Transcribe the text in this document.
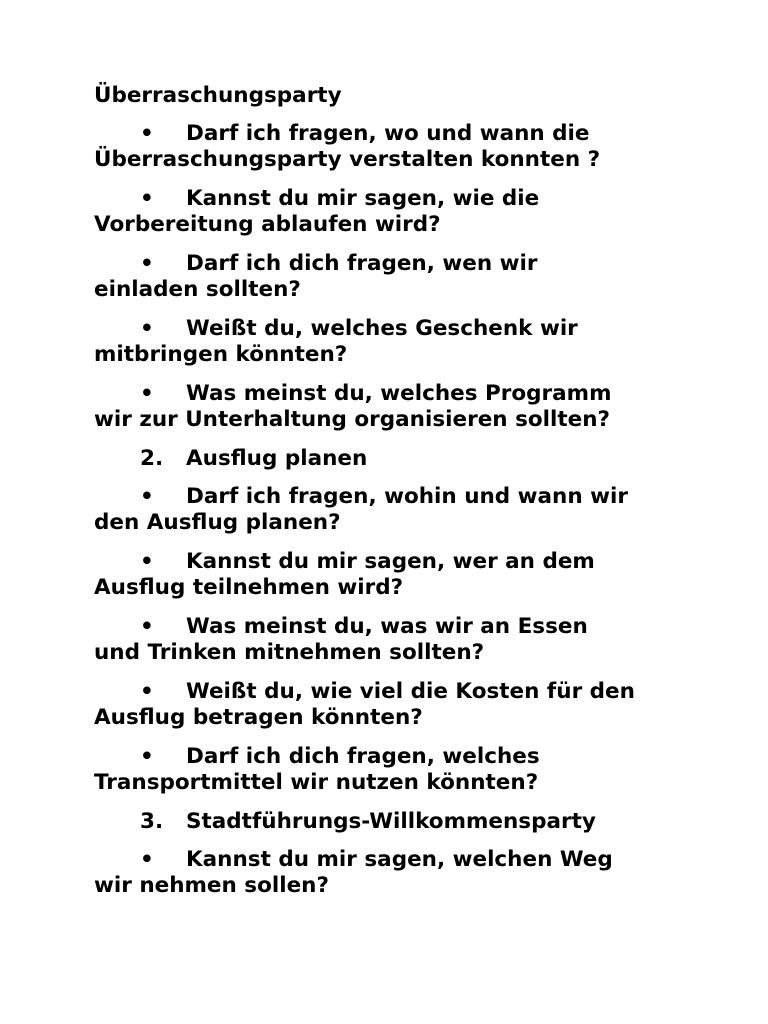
Überraschungsparty
• Darf ich fragen, wo und wann die
Überraschungsparty verstalten konnten ?
• Kannst du mir sagen, wie die
Vorbereitung ablaufen wird?
• Darf ich dich fragen, wen wir
einladen sollten?
• Weißt du, welches Geschenk wir
mitbringen könnten?
• Was meinst du, welches Programm
wir zur Unterhaltung organisieren sollten?
2. Ausflug planen
• Darf ich fragen, wohin und wann wir
den Ausflug planen?
• Kannst du mir sagen, wer an dem
Ausflug teilnehmen wird?
• Was meinst du, was wir an Essen
und Trinken mitnehmen sollten?
• Weißt du, wie viel die Kosten für den
Ausflug betragen könnten?
• Darf ich dich fragen, welches
Transportmittel wir nutzen könnten?
3. Stadtführungs-Willkommensparty
• Kannst du mir sagen, welchen Weg
wir nehmen sollen?
